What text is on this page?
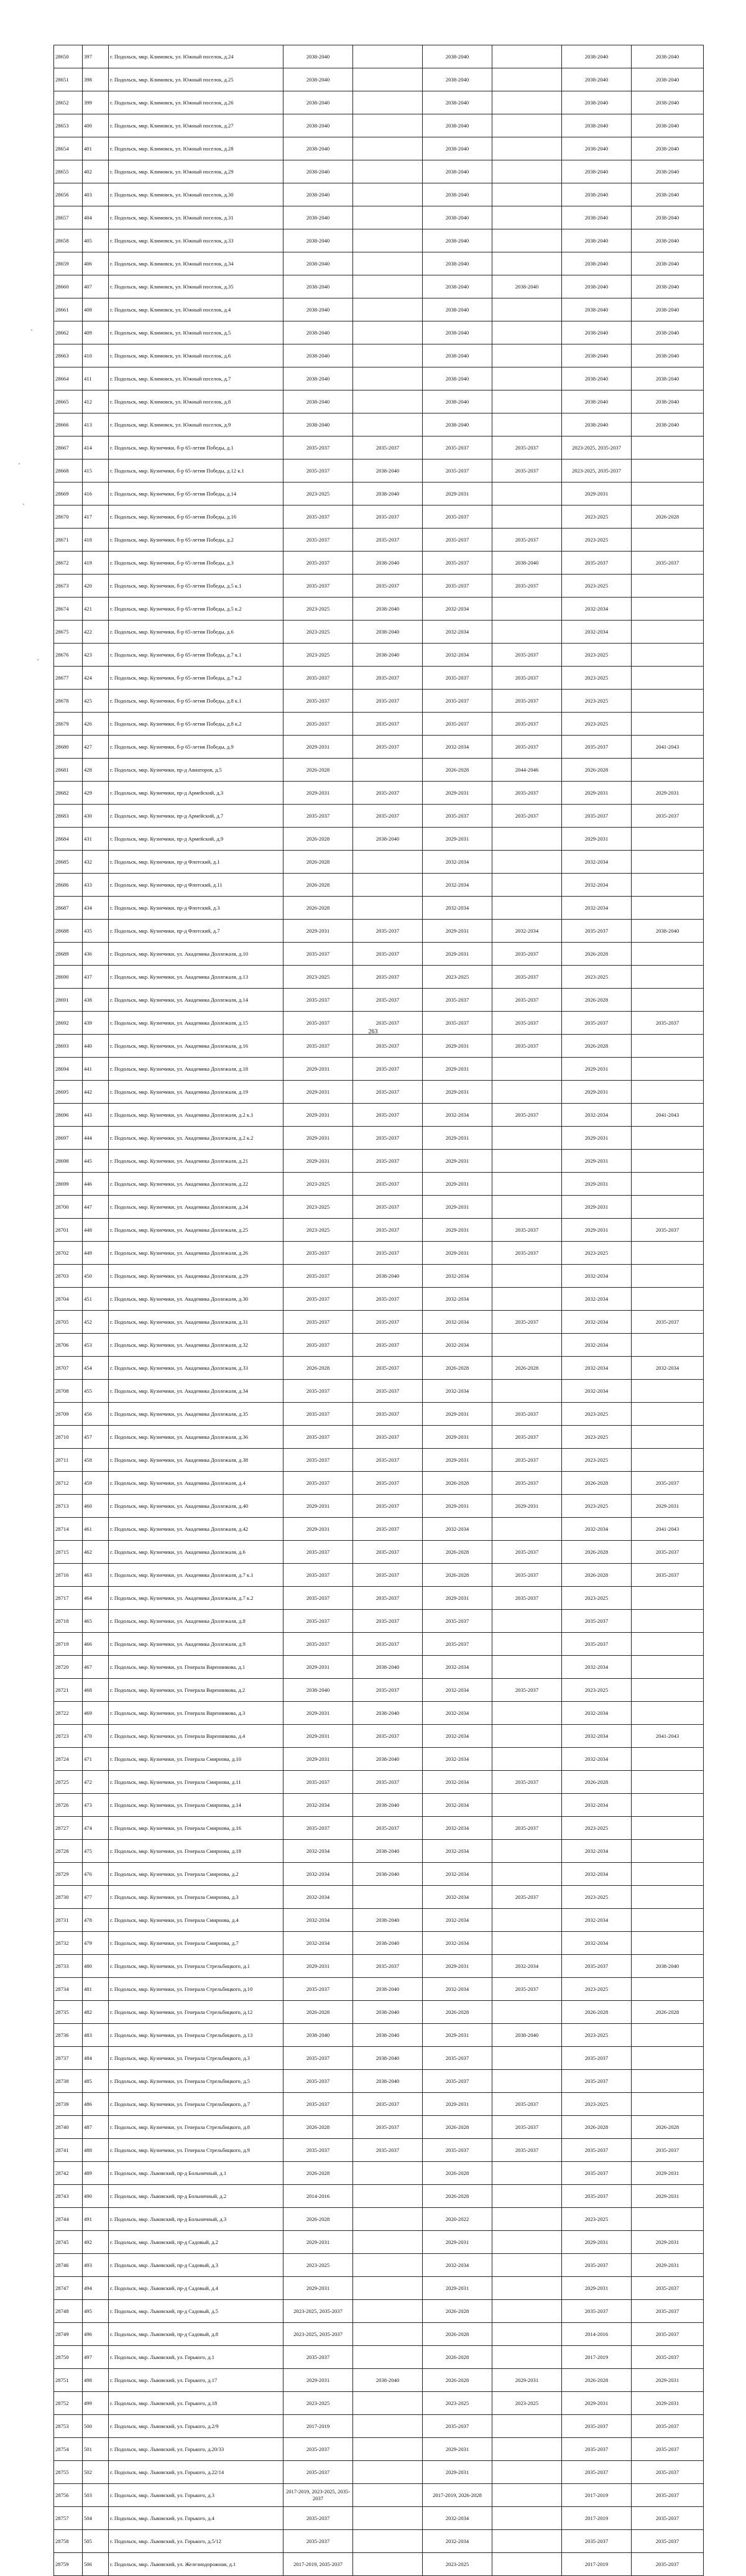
28650	397	г. Подольск, мкр. Климовск, ул. Южный поселок, д.24	2038-2040		2038-2040		2038-2040	2038-2040
28651	398	г. Подольск, мкр. Климовск, ул. Южный поселок, д.25	2038-2040		2038-2040		2038-2040	2038-2040
28652	399	г. Подольск, мкр. Климовск, ул. Южный поселок, д.26	2038-2040		2038-2040		2038-2040	2038-2040
28653	400	г. Подольск, мкр. Климовск, ул. Южный поселок, д.27	2038-2040		2038-2040		2038-2040	2038-2040
28654	401	г. Подольск, мкр. Климовск, ул. Южный поселок, д.28	2038-2040		2038-2040		2038-2040	2038-2040
28655	402	г. Подольск, мкр. Климовск, ул. Южный поселок, д.29	2038-2040		2038-2040		2038-2040	2038-2040
28656	403	г. Подольск, мкр. Климовск, ул. Южный поселок, д.30	2038-2040		2038-2040		2038-2040	2038-2040
28657	404	г. Подольск, мкр. Климовск, ул. Южный поселок, д.31	2038-2040		2038-2040		2038-2040	2038-2040
28658	405	г. Подольск, мкр. Климовск, ул. Южный поселок, д.33	2038-2040		2038-2040		2038-2040	2038-2040
28659	406	г. Подольск, мкр. Климовск, ул. Южный поселок, д.34	2038-2040		2038-2040		2038-2040	2038-2040
28660	407	г. Подольск, мкр. Климовск, ул. Южный поселок, д.35	2038-2040		2038-2040	2038-2040	2038-2040	2038-2040
28661	408	г. Подольск, мкр. Климовск, ул. Южный поселок, д.4	2038-2040		2038-2040		2038-2040	2038-2040
28662	409	г. Подольск, мкр. Климовск, ул. Южный поселок, д.5	2038-2040		2038-2040		2038-2040	2038-2040
28663	410	г. Подольск, мкр. Климовск, ул. Южный поселок, д.6	2038-2040		2038-2040		2038-2040	2038-2040
28664	411	г. Подольск, мкр. Климовск, ул. Южный поселок, д.7	2038-2040		2038-2040		2038-2040	2038-2040
28665	412	г. Подольск, мкр. Климовск, ул. Южный поселок, д.8	2038-2040		2038-2040		2038-2040	2038-2040
28666	413	г. Подольск, мкр. Климовск, ул. Южный поселок, д.9	2038-2040		2038-2040		2038-2040	2038-2040
28667	414	г. Подольск, мкр. Кузнечики, б-р 65-летия Победы, д.1	2035-2037	2035-2037	2035-2037	2035-2037	2023-2025, 2035-2037	
28668	415	г. Подольск, мкр. Кузнечики, б-р 65-летия Победы, д.12 к.1	2035-2037	2038-2040	2035-2037	2035-2037	2023-2025, 2035-2037	
28669	416	г. Подольск, мкр. Кузнечики, б-р 65-летия Победы, д.14	2023-2025	2038-2040	2029-2031		2029-2031	
28670	417	г. Подольск, мкр. Кузнечики, б-р 65-летия Победы, д.16	2035-2037	2035-2037	2035-2037		2023-2025	2026-2028
28671	418	г. Подольск, мкр. Кузнечики, б-р 65-летия Победы, д.2	2035-2037	2035-2037	2035-2037	2035-2037	2023-2025	
28672	419	г. Подольск, мкр. Кузнечики, б-р 65-летия Победы, д.3	2035-2037	2038-2040	2035-2037	2038-2040	2035-2037	2035-2037
28673	420	г. Подольск, мкр. Кузнечики, б-р 65-летия Победы, д.5 к.1	2035-2037	2035-2037	2035-2037	2035-2037	2023-2025	
28674	421	г. Подольск, мкр. Кузнечики, б-р 65-летия Победы, д.5 к.2	2023-2025	2038-2040	2032-2034		2032-2034	
28675	422	г. Подольск, мкр. Кузнечики, б-р 65-летия Победы, д.6	2023-2025	2038-2040	2032-2034		2032-2034	
28676	423	г. Подольск, мкр. Кузнечики, б-р 65-летия Победы, д.7 к.1	2023-2025	2038-2040	2032-2034	2035-2037	2023-2025	
28677	424	г. Подольск, мкр. Кузнечики, б-р 65-летия Победы, д.7 к.2	2035-2037	2035-2037	2035-2037	2035-2037	2023-2025	
28678	425	г. Подольск, мкр. Кузнечики, б-р 65-летия Победы, д.8 к.1	2035-2037	2035-2037	2035-2037	2035-2037	2023-2025	
28679	426	г. Подольск, мкр. Кузнечики, б-р 65-летия Победы, д.8 к.2	2035-2037	2035-2037	2035-2037	2035-2037	2023-2025	
28680	427	г. Подольск, мкр. Кузнечики, б-р 65-летия Победы, д.9	2029-2031	2035-2037	2032-2034	2035-2037	2035-2037	2041-2043
28681	428	г. Подольск, мкр. Кузнечики, пр-д Авиаторов, д.5	2026-2028		2026-2028	2044-2046	2026-2028	
28682	429	г. Подольск, мкр. Кузнечики, пр-д Армейский, д.3	2029-2031	2035-2037	2029-2031	2035-2037	2029-2031	2029-2031
28683	430	г. Подольск, мкр. Кузнечики, пр-д Армейский, д.7	2035-2037	2035-2037	2035-2037	2035-2037	2035-2037	2035-2037
28684	431	г. Подольск, мкр. Кузнечики, пр-д Армейский, д.9	2026-2028	2038-2040	2029-2031		2029-2031	
28685	432	г. Подольск, мкр. Кузнечики, пр-д Флотский, д.1	2026-2028		2032-2034		2032-2034	
28686	433	г. Подольск, мкр. Кузнечики, пр-д Флотский, д.11	2026-2028		2032-2034		2032-2034	
28687	434	г. Подольск, мкр. Кузнечики, пр-д Флотский, д.3	2026-2028		2032-2034		2032-2034	
28688	435	г. Подольск, мкр. Кузнечики, пр-д Флотский, д.7	2029-2031	2035-2037	2029-2031	2032-2034	2035-2037	2038-2040
28689	436	г. Подольск, мкр. Кузнечики, ул. Академика Доллежаля, д.10	2035-2037	2035-2037	2029-2031	2035-2037	2026-2028	
28690	437	г. Подольск, мкр. Кузнечики, ул. Академика Доллежаля, д.13	2023-2025	2035-2037	2023-2025	2035-2037	2023-2025	
28691	438	г. Подольск, мкр. Кузнечики, ул. Академика Доллежаля, д.14	2035-2037	2035-2037	2035-2037	2035-2037	2026-2028	
28692	439	г. Подольск, мкр. Кузнечики, ул. Академика Доллежаля, д.15	2035-2037	2035-2037	2035-2037	2035-2037	2035-2037	2035-2037
28693	440	г. Подольск, мкр. Кузнечики, ул. Академика Доллежаля, д.16	2035-2037	2035-2037	2029-2031	2035-2037	2026-2028	
28694	441	г. Подольск, мкр. Кузнечики, ул. Академика Доллежаля, д.18	2029-2031	2035-2037	2029-2031		2029-2031	
28695	442	г. Подольск, мкр. Кузнечики, ул. Академика Доллежаля, д.19	2029-2031	2035-2037	2029-2031		2029-2031	
28696	443	г. Подольск, мкр. Кузнечики, ул. Академика Доллежаля, д.2 к.1	2029-2031	2035-2037	2032-2034	2035-2037	2032-2034	2041-2043
28697	444	г. Подольск, мкр. Кузнечики, ул. Академика Доллежаля, д.2 к.2	2029-2031	2035-2037	2029-2031		2029-2031	
28698	445	г. Подольск, мкр. Кузнечики, ул. Академика Доллежаля, д.21	2029-2031	2035-2037	2029-2031		2029-2031	
28699	446	г. Подольск, мкр. Кузнечики, ул. Академика Доллежаля, д.22	2023-2025	2035-2037	2029-2031		2029-2031	
28700	447	г. Подольск, мкр. Кузнечики, ул. Академика Доллежаля, д.24	2023-2025	2035-2037	2029-2031		2029-2031	
28701	448	г. Подольск, мкр. Кузнечики, ул. Академика Доллежаля, д.25	2023-2025	2035-2037	2029-2031	2035-2037	2029-2031	2035-2037
28702	449	г. Подольск, мкр. Кузнечики, ул. Академика Доллежаля, д.26	2035-2037	2035-2037	2029-2031	2035-2037	2023-2025	
28703	450	г. Подольск, мкр. Кузнечики, ул. Академика Доллежаля, д.29	2035-2037	2038-2040	2032-2034		2032-2034	
28704	451	г. Подольск, мкр. Кузнечики, ул. Академика Доллежаля, д.30	2035-2037	2035-2037	2032-2034		2032-2034	
28705	452	г. Подольск, мкр. Кузнечики, ул. Академика Доллежаля, д.31	2035-2037	2035-2037	2032-2034	2035-2037	2032-2034	2035-2037
28706	453	г. Подольск, мкр. Кузнечики, ул. Академика Доллежаля, д.32	2035-2037	2035-2037	2032-2034		2032-2034	
28707	454	г. Подольск, мкр. Кузнечики, ул. Академика Доллежаля, д.33	2026-2028	2035-2037	2026-2028	2026-2028	2032-2034	2032-2034
28708	455	г. Подольск, мкр. Кузнечики, ул. Академика Доллежаля, д.34	2035-2037	2035-2037	2032-2034		2032-2034	
28709	456	г. Подольск, мкр. Кузнечики, ул. Академика Доллежаля, д.35	2035-2037	2035-2037	2029-2031	2035-2037	2023-2025	
28710	457	г. Подольск, мкр. Кузнечики, ул. Академика Доллежаля, д.36	2035-2037	2035-2037	2029-2031	2035-2037	2023-2025	
28711	458	г. Подольск, мкр. Кузнечики, ул. Академика Доллежаля, д.38	2035-2037	2035-2037	2029-2031	2035-2037	2023-2025	
28712	459	г. Подольск, мкр. Кузнечики, ул. Академика Доллежаля, д.4	2035-2037	2035-2037	2026-2028	2035-2037	2026-2028	2035-2037
28713	460	г. Подольск, мкр. Кузнечики, ул. Академика Доллежаля, д.40	2029-2031	2035-2037	2029-2031	2029-2031	2023-2025	2029-2031
28714	461	г. Подольск, мкр. Кузнечики, ул. Академика Доллежаля, д.42	2029-2031	2035-2037	2032-2034		2032-2034	2041-2043
28715	462	г. Подольск, мкр. Кузнечики, ул. Академика Доллежаля, д.6	2035-2037	2035-2037	2026-2028	2035-2037	2026-2028	2035-2037
28716	463	г. Подольск, мкр. Кузнечики, ул. Академика Доллежаля, д.7 к.1	2035-2037	2035-2037	2026-2028	2035-2037	2026-2028	2035-2037
28717	464	г. Подольск, мкр. Кузнечики, ул. Академика Доллежаля, д.7 к.2	2035-2037	2035-2037	2029-2031	2035-2037	2023-2025	
28718	465	г. Подольск, мкр. Кузнечики, ул. Академика Доллежаля, д.8	2035-2037	2035-2037	2035-2037		2035-2037	
28719	466	г. Подольск, мкр. Кузнечики, ул. Академика Доллежаля, д.9	2035-2037	2035-2037	2035-2037		2035-2037	
28720	467	г. Подольск, мкр. Кузнечики, ул. Генерала Варенникова, д.1	2029-2031	2038-2040	2032-2034		2032-2034	
28721	468	г. Подольск, мкр. Кузнечики, ул. Генерала Варенникова, д.2	2038-2040	2035-2037	2032-2034	2035-2037	2023-2025	
28722	469	г. Подольск, мкр. Кузнечики, ул. Генерала Варенникова, д.3	2029-2031	2038-2040	2032-2034		2032-2034	
28723	470	г. Подольск, мкр. Кузнечики, ул. Генерала Варенникова, д.4	2029-2031	2035-2037	2032-2034		2032-2034	2041-2043
28724	471	г. Подольск, мкр. Кузнечики, ул. Генерала Смирнова, д.10	2029-2031	2038-2040	2032-2034		2032-2034	
28725	472	г. Подольск, мкр. Кузнечики, ул. Генерала Смирнова, д.11	2035-2037	2035-2037	2032-2034	2035-2037	2026-2028	
28726	473	г. Подольск, мкр. Кузнечики, ул. Генерала Смирнова, д.14	2032-2034	2038-2040	2032-2034		2032-2034	
28727	474	г. Подольск, мкр. Кузнечики, ул. Генерала Смирнова, д.16	2035-2037	2035-2037	2032-2034	2035-2037	2023-2025	
28728	475	г. Подольск, мкр. Кузнечики, ул. Генерала Смирнова, д.18	2032-2034	2038-2040	2032-2034		2032-2034	
28729	476	г. Подольск, мкр. Кузнечики, ул. Генерала Смирнова, д.2	2032-2034	2038-2040	2032-2034		2032-2034	
28730	477	г. Подольск, мкр. Кузнечики, ул. Генерала Смирнова, д.3	2032-2034		2032-2034	2035-2037	2023-2025	
28731	478	г. Подольск, мкр. Кузнечики, ул. Генерала Смирнова, д.4	2032-2034	2038-2040	2032-2034		2032-2034	
28732	479	г. Подольск, мкр. Кузнечики, ул. Генерала Смирнова, д.7	2032-2034	2038-2040	2032-2034		2032-2034	
28733	480	г. Подольск, мкр. Кузнечики, ул. Генерала Стрельбицкого, д.1	2029-2031	2035-2037	2029-2031	2032-2034	2035-2037	2038-2040
28734	481	г. Подольск, мкр. Кузнечики, ул. Генерала Стрельбицкого, д.10	2035-2037	2038-2040	2032-2034	2035-2037	2023-2025	
28735	482	г. Подольск, мкр. Кузнечики, ул. Генерала Стрельбицкого, д.12	2026-2028	2038-2040	2026-2028		2026-2028	2026-2028
28736	483	г. Подольск, мкр. Кузнечики, ул. Генерала Стрельбицкого, д.13	2038-2040	2038-2040	2029-2031	2038-2040	2023-2025	
28737	484	г. Подольск, мкр. Кузнечики, ул. Генерала Стрельбицкого, д.3	2035-2037	2038-2040	2035-2037		2035-2037	
28738	485	г. Подольск, мкр. Кузнечики, ул. Генерала Стрельбицкого, д.5	2035-2037	2038-2040	2035-2037		2035-2037	
28739	486	г. Подольск, мкр. Кузнечики, ул. Генерала Стрельбицкого, д.7	2035-2037	2035-2037	2029-2031	2035-2037	2023-2025	
28740	487	г. Подольск, мкр. Кузнечики, ул. Генерала Стрельбицкого, д.8	2026-2028	2035-2037	2026-2028	2035-2037	2026-2028	2026-2028
28741	488	г. Подольск, мкр. Кузнечики, ул. Генерала Стрельбицкого, д.9	2035-2037	2035-2037	2035-2037	2035-2037	2035-2037	2035-2037
28742	489	г. Подольск, мкр. Львовский, пр-д Больничный, д.1	2026-2028		2026-2028		2035-2037	2029-2031
28743	490	г. Подольск, мкр. Львовский, пр-д Больничный, д.2	2014-2016		2026-2028		2035-2037	2029-2031
28744	491	г. Подольск, мкр. Львовский, пр-д Больничный, д.3	2026-2028		2020-2022		2023-2025	
28745	492	г. Подольск, мкр. Львовский, пр-д Садовый, д.2	2029-2031		2029-2031		2029-2031	2029-2031
28746	493	г. Подольск, мкр. Львовский, пр-д Садовый, д.3	2023-2025		2032-2034		2035-2037	2029-2031
28747	494	г. Подольск, мкр. Львовский, пр-д Садовый, д.4	2029-2031		2029-2031		2029-2031	2035-2037
28748	495	г. Подольск, мкр. Львовский, пр-д Садовый, д.5	2023-2025, 2035-2037		2026-2028		2035-2037	2035-2037
28749	496	г. Подольск, мкр. Львовский, пр-д Садовый, д.8	2023-2025, 2035-2037		2026-2028		2014-2016	2035-2037
28750	497	г. Подольск, мкр. Львовский, ул. Горького, д.1	2035-2037		2026-2028		2017-2019	2035-2037
28751	498	г. Подольск, мкр. Львовский, ул. Горького, д.17	2029-2031	2038-2040	2026-2028	2029-2031	2026-2028	2029-2031
28752	499	г. Подольск, мкр. Львовский, ул. Горького, д.18	2023-2025		2023-2025	2023-2025	2029-2031	2029-2031
28753	500	г. Подольск, мкр. Львовский, ул. Горького, д.2/9	2017-2019		2035-2037		2035-2037	2035-2037
28754	501	г. Подольск, мкр. Львовский, ул. Горького, д.20/33	2035-2037		2029-2031		2035-2037	2035-2037
28755	502	г. Подольск, мкр. Львовский, ул. Горького, д.22/14	2035-2037		2029-2031		2035-2037	2035-2037
28756	503	г. Подольск, мкр. Львовский, ул. Горького, д.3	2017-2019, 2023-2025, 2035-2037		2017-2019, 2026-2028		2017-2019	2035-2037
28757	504	г. Подольск, мкр. Львовский, ул. Горького, д.4	2035-2037		2032-2034		2017-2019	2035-2037
28758	505	г. Подольск, мкр. Львовский, ул. Горького, д.5/12	2035-2037		2032-2034		2035-2037	2035-2037
28759	506	г. Подольск, мкр. Львовский, ул. Железнодорожная, д.1	2017-2019, 2035-2037		2023-2025		2017-2019	2035-2037
263
